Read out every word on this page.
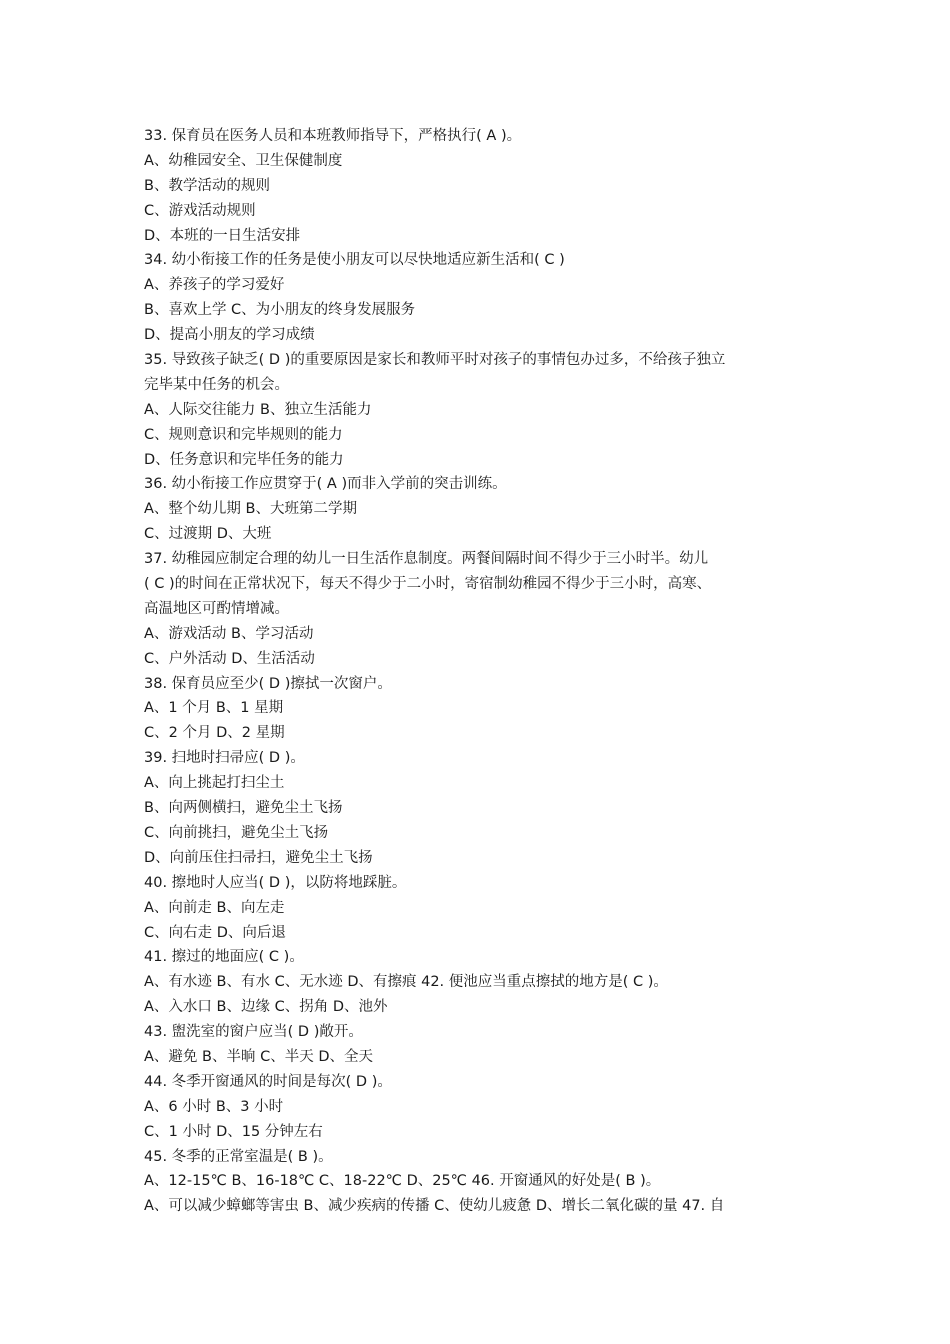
33. 保育员在医务人员和本班教师指导下，严格执行( A )。
A、幼稚园安全、卫生保健制度
B、教学活动的规则
C、游戏活动规则
D、本班的一日生活安排
34. 幼小衔接工作的任务是使小朋友可以尽快地适应新生活和( C )
A、养孩子的学习爱好
B、喜欢上学 C、为小朋友的终身发展服务
D、提高小朋友的学习成绩
35. 导致孩子缺乏( D )的重要原因是家长和教师平时对孩子的事情包办过多，不给孩子独立
完毕某中任务的机会。
A、人际交往能力 B、独立生活能力
C、规则意识和完毕规则的能力
D、任务意识和完毕任务的能力
36. 幼小衔接工作应贯穿于( A )而非入学前的突击训练。
A、整个幼儿期 B、大班第二学期
C、过渡期 D、大班
37. 幼稚园应制定合理的幼儿一日生活作息制度。两餐间隔时间不得少于三小时半。幼儿
( C )的时间在正常状况下，每天不得少于二小时，寄宿制幼稚园不得少于三小时，高寒、
高温地区可酌情增减。
A、游戏活动 B、学习活动
C、户外活动 D、生活活动
38. 保育员应至少( D )擦拭一次窗户。
A、1 个月 B、1 星期
C、2 个月 D、2 星期
39. 扫地时扫帚应( D )。
A、向上挑起打扫尘土
B、向两侧横扫，避免尘土飞扬
C、向前挑扫，避免尘土飞扬
D、向前压住扫帚扫，避免尘土飞扬
40. 擦地时人应当( D )，以防将地踩脏。
A、向前走 B、向左走
C、向右走 D、向后退
41. 擦过的地面应( C )。
A、有水迹 B、有水 C、无水迹 D、有擦痕 42. 便池应当重点擦拭的地方是( C )。
A、入水口 B、边缘 C、拐角 D、池外
43. 盥洗室的窗户应当( D )敞开。
A、避免 B、半晌 C、半天 D、全天
44. 冬季开窗通风的时间是每次( D )。
A、6 小时 B、3 小时
C、1 小时 D、15 分钟左右
45. 冬季的正常室温是( B )。
A、12-15℃ B、16-18℃ C、18-22℃ D、25℃ 46. 开窗通风的好处是( B )。
A、可以减少蟑螂等害虫 B、减少疾病的传播 C、使幼儿疲惫 D、增长二氧化碳的量 47. 自
